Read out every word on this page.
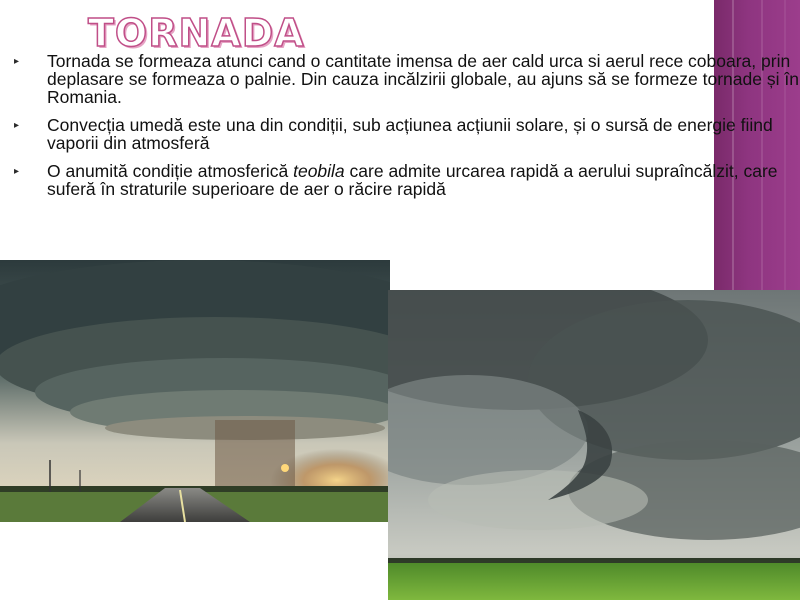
TORNADA
▸ Tornada se formeaza atunci cand o cantitate imensa de aer cald urca si aerul rece coboara, prin deplasare se formeaza o palnie. Din cauza incălzirii globale, au ajuns să se formeze tornade și în Romania.
▸ Convecția umedă este una din condiții, sub acțiunea acțiunii solare, și o sursă de energie fiind vaporii din atmosferă
▸ O anumită condiție atmosferică teobila care admite urcarea rapidă a aerului supraîncălzit, care suferă în straturile superioare de aer o răcire rapidă
